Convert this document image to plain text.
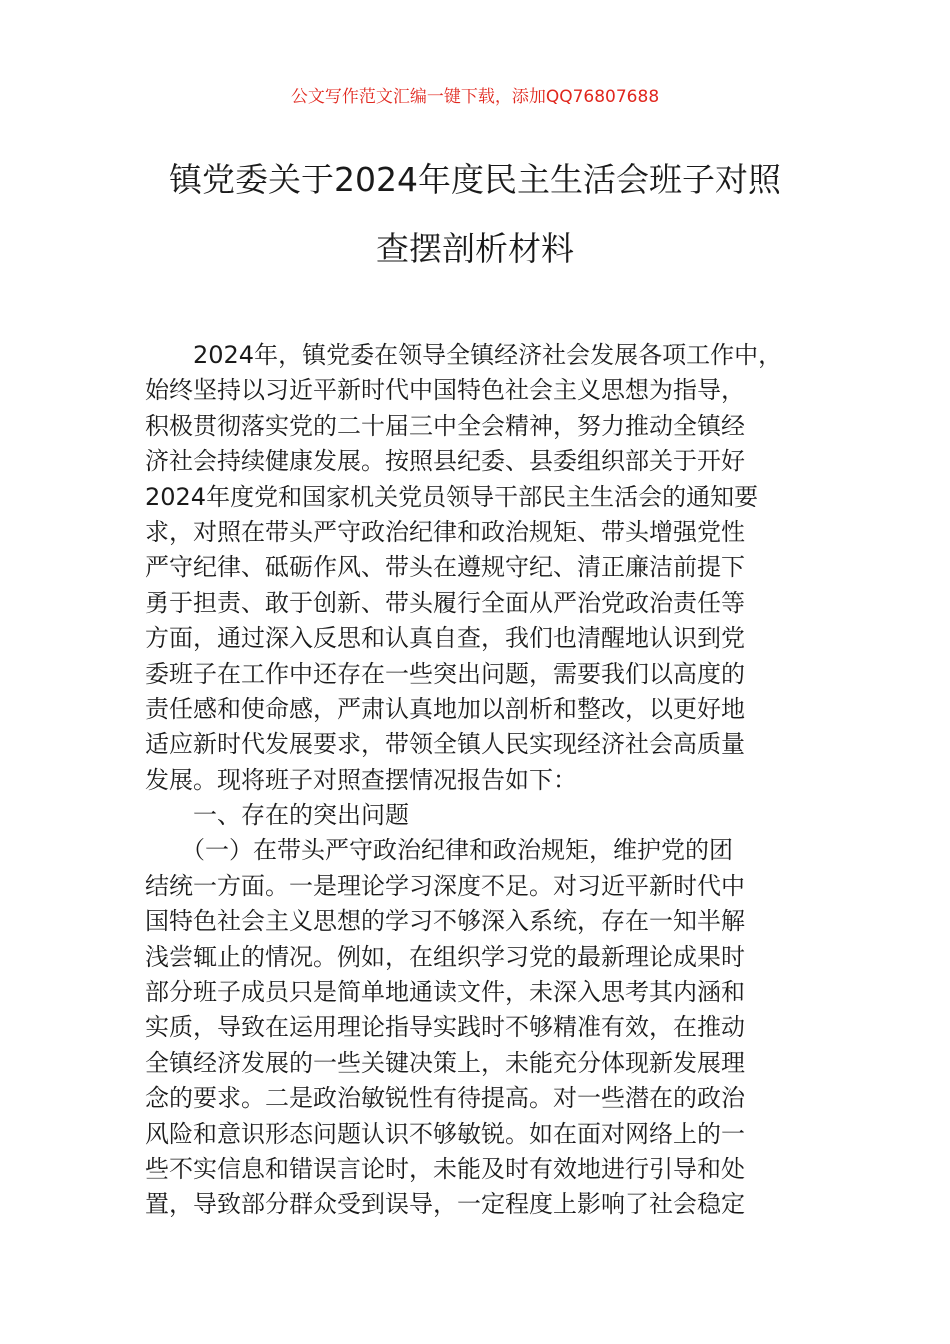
公文写作范文汇编一键下载，添加QQ76807688
镇党委关于2024年度民主生活会班子对照
查摆剖析材料
　　2024年，镇党委在领导全镇经济社会发展各项工作中，
始终坚持以习近平新时代中国特色社会主义思想为指导，
积极贯彻落实党的二十届三中全会精神，努力推动全镇经
济社会持续健康发展。按照县纪委、县委组织部关于开好
2024年度党和国家机关党员领导干部民主生活会的通知要
求，对照在带头严守政治纪律和政治规矩、带头增强党性
严守纪律、砥砺作风、带头在遵规守纪、清正廉洁前提下
勇于担责、敢于创新、带头履行全面从严治党政治责任等
方面，通过深入反思和认真自查，我们也清醒地认识到党
委班子在工作中还存在一些突出问题，需要我们以高度的
责任感和使命感，严肃认真地加以剖析和整改，以更好地
适应新时代发展要求，带领全镇人民实现经济社会高质量
发展。现将班子对照查摆情况报告如下：
　　一、存在的突出问题
　　（一）在带头严守政治纪律和政治规矩，维护党的团
结统一方面。一是理论学习深度不足。对习近平新时代中
国特色社会主义思想的学习不够深入系统，存在一知半解
浅尝辄止的情况。例如，在组织学习党的最新理论成果时
部分班子成员只是简单地通读文件，未深入思考其内涵和
实质，导致在运用理论指导实践时不够精准有效，在推动
全镇经济发展的一些关键决策上，未能充分体现新发展理
念的要求。二是政治敏锐性有待提高。对一些潜在的政治
风险和意识形态问题认识不够敏锐。如在面对网络上的一
些不实信息和错误言论时，未能及时有效地进行引导和处
置，导致部分群众受到误导，一定程度上影响了社会稳定
